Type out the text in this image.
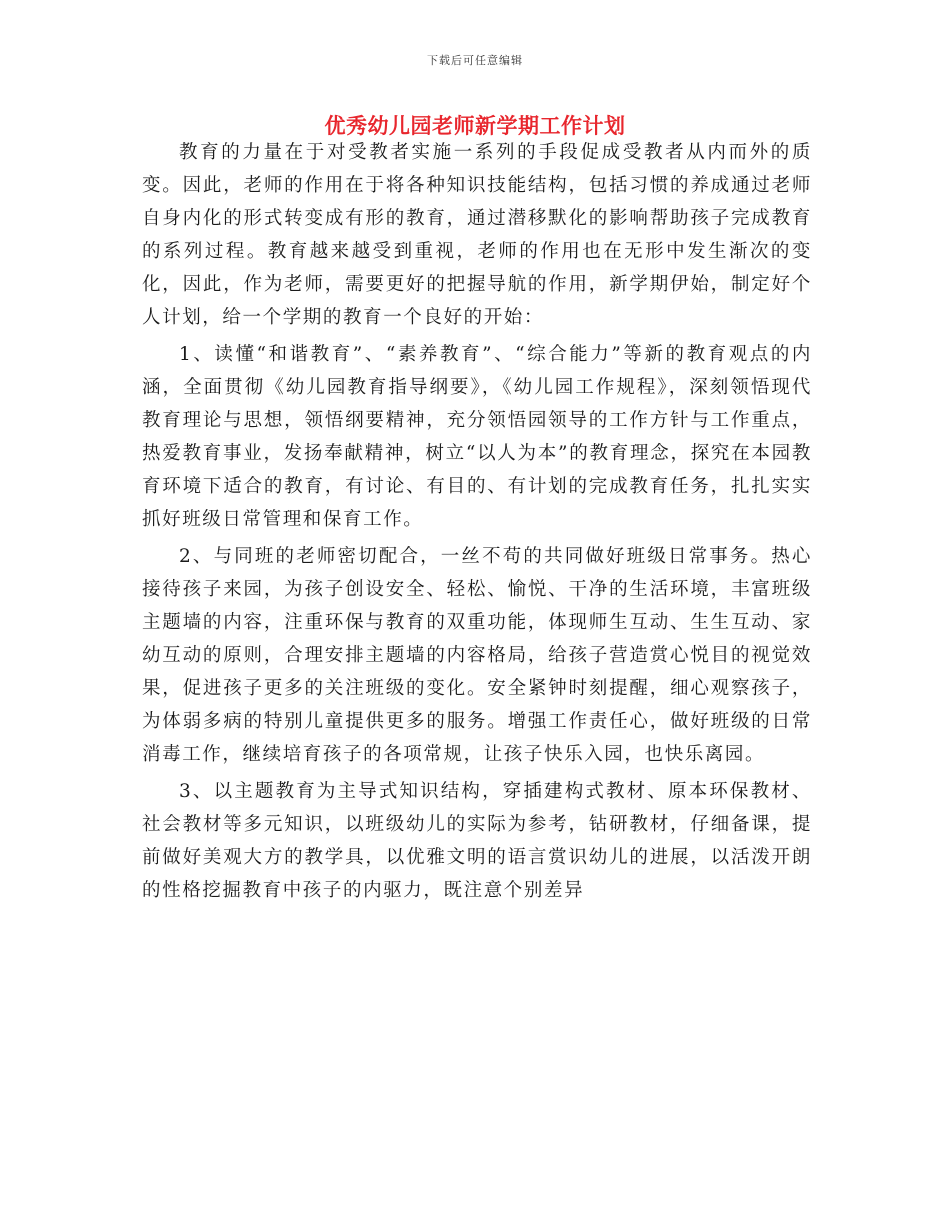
下载后可任意编辑
优秀幼儿园老师新学期工作计划

教育的力量在于对受教者实施一系列的手段促成受教者从内而外的质变。因此，老师的作用在于将各种知识技能结构，包括习惯的养成通过老师自身内化的形式转变成有形的教育，通过潜移默化的影响帮助孩子完成教育的系列过程。教育越来越受到重视，老师的作用也在无形中发生渐次的变化，因此，作为老师，需要更好的把握导航的作用，新学期伊始，制定好个人计划，给一个学期的教育一个良好的开始：

1、读懂“和谐教育”、“素养教育”、“综合能力”等新的教育观点的内涵，全面贯彻《幼儿园教育指导纲要》，《幼儿园工作规程》，深刻领悟现代教育理论与思想，领悟纲要精神，充分领悟园领导的工作方针与工作重点，热爱教育事业，发扬奉献精神，树立“以人为本”的教育理念，探究在本园教育环境下适合的教育，有讨论、有目的、有计划的完成教育任务，扎扎实实抓好班级日常管理和保育工作。

2、与同班的老师密切配合，一丝不苟的共同做好班级日常事务。热心接待孩子来园，为孩子创设安全、轻松、愉悦、干净的生活环境，丰富班级主题墙的内容，注重环保与教育的双重功能，体现师生互动、生生互动、家幼互动的原则，合理安排主题墙的内容格局，给孩子营造赏心悦目的视觉效果，促进孩子更多的关注班级的变化。安全紧钟时刻提醒，细心观察孩子，为体弱多病的特别儿童提供更多的服务。增强工作责任心，做好班级的日常消毒工作，继续培育孩子的各项常规，让孩子快乐入园，也快乐离园。

3、以主题教育为主导式知识结构，穿插建构式教材、原本环保教材、社会教材等多元知识，以班级幼儿的实际为参考，钻研教材，仔细备课，提前做好美观大方的教学具，以优雅文明的语言赏识幼儿的进展，以活泼开朗的性格挖掘教育中孩子的内驱力，既注意个别差异
